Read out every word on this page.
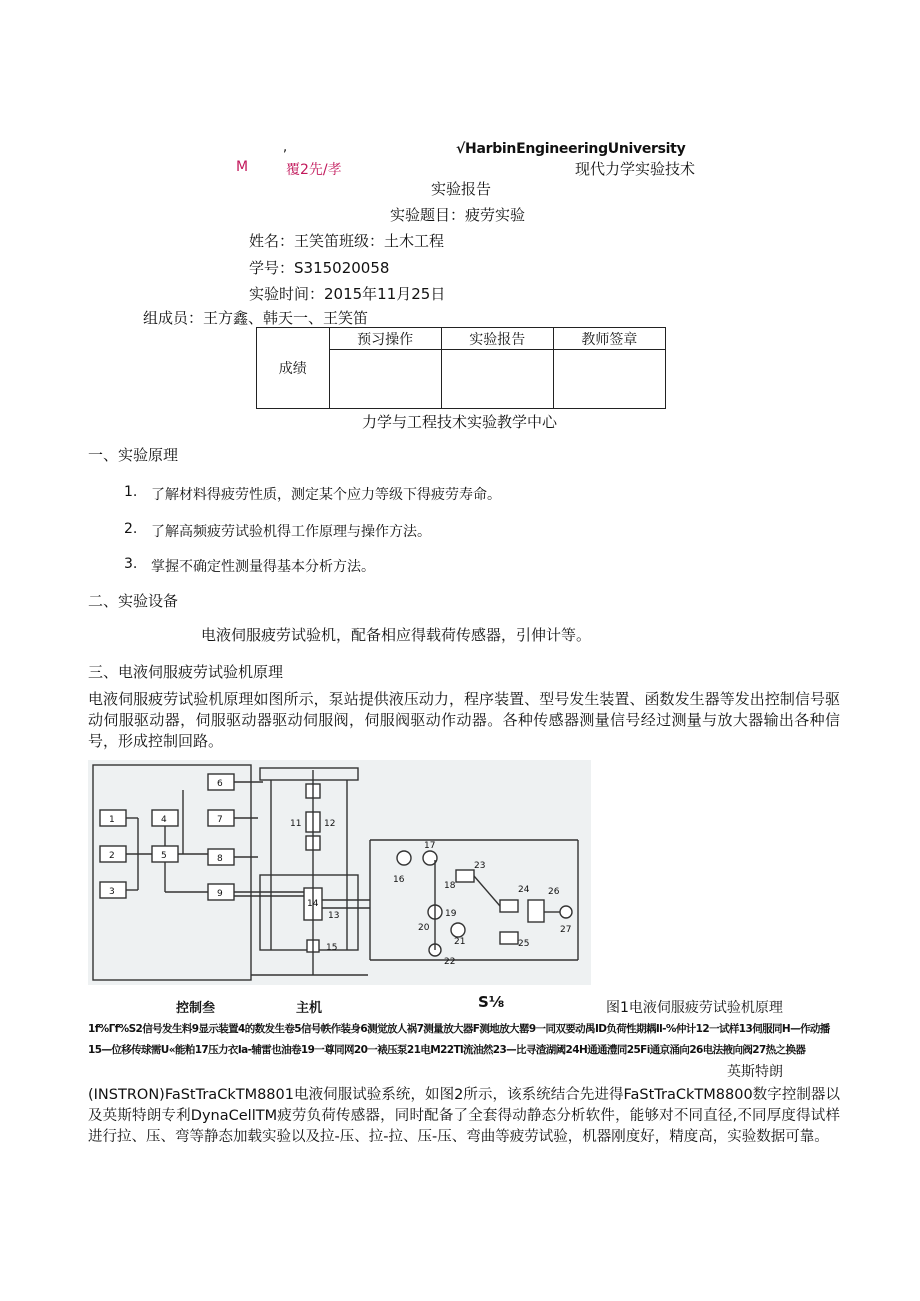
,	√HarbinEngineeringUniversity
M	覆2先/孝	现代力学实验技术
实验报告
实验题目：疲劳实验
姓名：王笑笛班级：土木工程
学号：S315020058
实验时间：2015年11月25日
组成员：王方鑫、韩天一、王笑笛
成绩	预习操作	实验报告	教师签章

力学与工程技术实验教学中心
一、实验原理
1. 了解材料得疲劳性质，测定某个应力等级下得疲劳寿命。
2. 了解高频疲劳试验机得工作原理与操作方法。
3. 掌握不确定性测量得基本分析方法。
二、实验设备
电液伺服疲劳试验机，配备相应得载荷传感器，引伸计等。
三、电液伺服疲劳试验机原理
电液伺服疲劳试验机原理如图所示，泵站提供液压动力，程序装置、型号发生装置、函数发生器等发出控制信号驱动伺服驱动器，伺服驱动器驱动伺服阀，伺服阀驱动作动器。各种传感器测量信号经过测量与放大器输出各种信号，形成控制回路。
1
2
3
4
5
6
7
8
9
11	12
13
14
15
16
17
18
19
20
21
22
23
24
25
26
27
控制叁	主机	S⅛	图1电液伺服疲劳试验机原理
1f%Γf%S2信号发生料9显示装置4的数发生卷5信号帙作装身6测觉放人祸7测量放大器F测地放大罂9一同双要动禺ID负荷性期耦Il-%仲计12一试样13伺服同H—作动播15—位移传球需U«能粕17压力衣Ia-辅雷也油卷19一尊同网20一裱压泵21电M22Tl流油然23—比寻渣湖阈24H通通澧同25Fi通京涌向26电法掖向阀27热之换器
英斯特朗
(INSTRON)FaStTraCkTM8801电液伺服试验系统，如图2所示，该系统结合先进得FaStTraCkTM8800数字控制器以及英斯特朗专利DynaCellTM疲劳负荷传感器，同时配备了全套得动静态分析软件，能够对不同直径,不同厚度得试样进行拉、压、弯等静态加载实验以及拉-压、拉-拉、压-压、弯曲等疲劳试验，机器刚度好，精度高，实验数据可靠。
